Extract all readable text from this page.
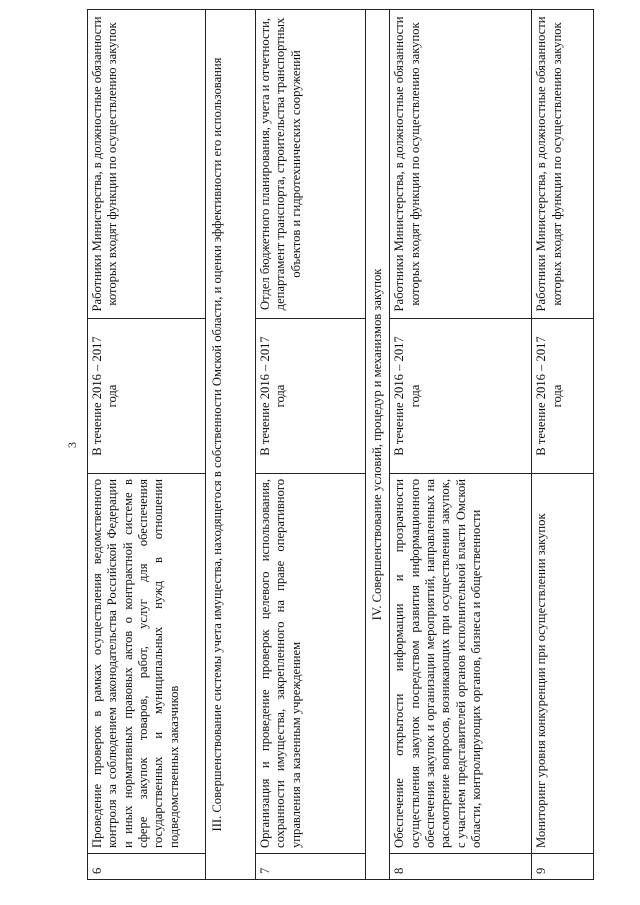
3
6	Проведение проверок в рамках осуществления ведомственного контроля за соблюдением законодательства Российской Федерации и иных нормативных правовых актов о контрактной системе в сфере закупок товаров, работ, услуг для обеспечения государственных и муниципальных нужд в отношении подведомственных заказчиков	В течение 2016 – 2017 года	Работники Министерства, в должностные обязанности которых входят функции по осуществлению закупок
III. Совершенствование системы учета имущества, находящегося в собственности Омской области, и оценки эффективности его использования			
7	Организация и проведение проверок целевого использования, сохранности имущества, закрепленного на праве оперативного управления за казенным учреждением	В течение 2016 – 2017 года	Отдел бюджетного планирования, учета и отчетности, департамент транспорта, строительства транспортных объектов и гидротехнических сооружений
IV. Совершенствование условий, процедур и механизмов закупок			
8	Обеспечение открытости информации и прозрачности осуществления закупок посредством развития информационного обеспечения закупок и организации мероприятий, направленных на рассмотрение вопросов, возникающих при осуществлении закупок, с участием представителей органов исполнительной власти Омской области, контролирующих органов, бизнеса и общественности	В течение 2016 – 2017 года	Работники Министерства, в должностные обязанности которых входят функции по осуществлению закупок
9	Мониторинг уровня конкуренции при осуществлении закупок	В течение 2016 – 2017 года	Работники Министерства, в должностные обязанности которых входят функции по осуществлению закупок
